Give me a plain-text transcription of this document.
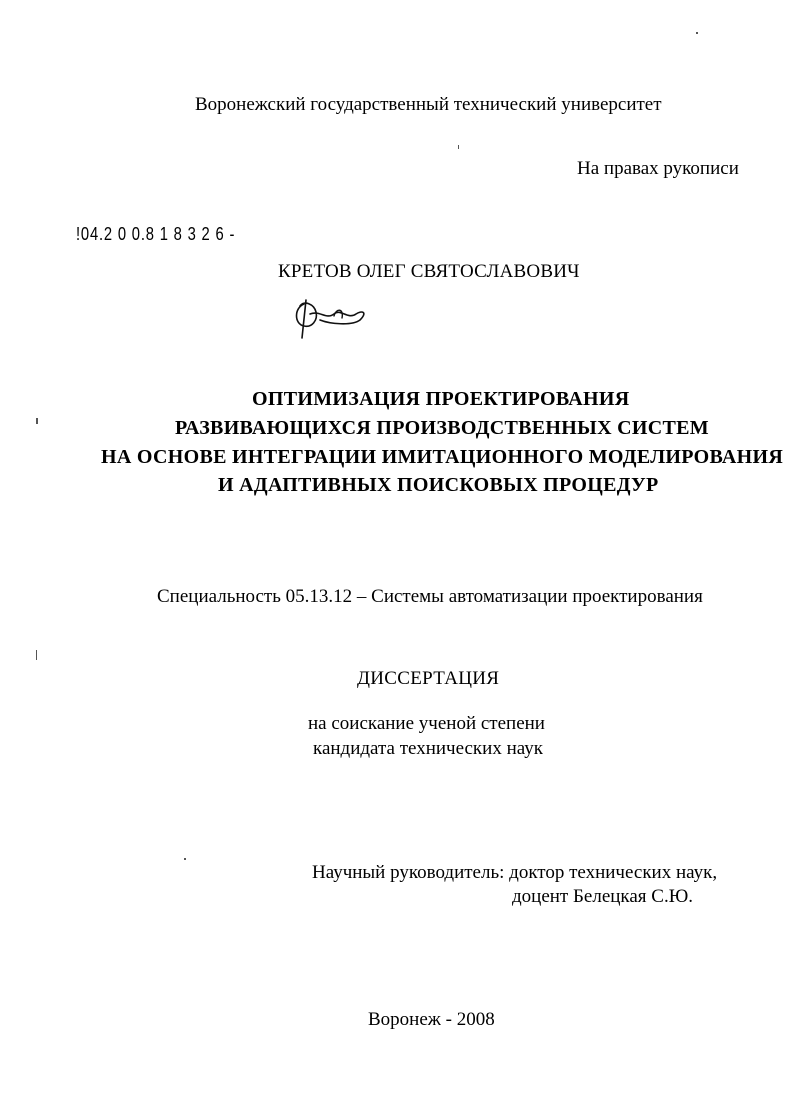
Воронежский государственный технический университет
На правах рукописи
!04.2 0 0.8 1 8 3 2 6 -
КРЕТОВ ОЛЕГ СВЯТОСЛАВОВИЧ
ОПТИМИЗАЦИЯ ПРОЕКТИРОВАНИЯ
РАЗВИВАЮЩИХСЯ ПРОИЗВОДСТВЕННЫХ СИСТЕМ
НА ОСНОВЕ ИНТЕГРАЦИИ ИМИТАЦИОННОГО МОДЕЛИРОВАНИЯ
И АДАПТИВНЫХ ПОИСКОВЫХ ПРОЦЕДУР
Специальность 05.13.12 – Системы автоматизации проектирования
ДИССЕРТАЦИЯ
на соискание ученой степени
кандидата технических наук
Научный руководитель: доктор технических наук,
доцент Белецкая С.Ю.
Воронеж - 2008
